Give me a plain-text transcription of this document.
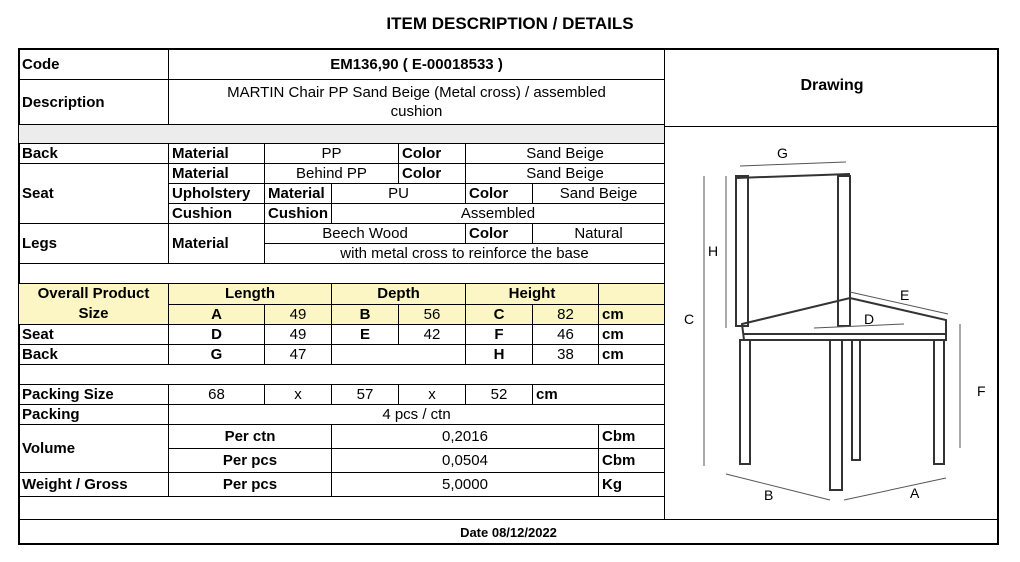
ITEM DESCRIPTION / DETAILS
Code	EM136,90 ( E-00018533 )						
Description	MARTIN Chair PP Sand Beige (Metal cross) / assembled
cushion						

Back	Material	PP		Color	Sand Beige		
Seat	Material	Behind PP		Color	Sand Beige		
	Upholstery	Material	PU		Color	Sand Beige	
	Cushion	Cushion	Assembled				
Legs	Material	Beech Wood			Color	Natural	
		with metal cross to reinforce the base					

Overall Product
Size	Length		Depth		Height		
	A	49	B	56	C	82	cm
Seat	D	49	E	42	F	46	cm
Back	G	47			H	38	cm

Packing Size	68	x	57	x	52	cm	
Packing	4 pcs / ctn						
Volume	Per ctn		0,2016				Cbm
	Per pcs		0,0504				Cbm
Weight / Gross	Per pcs		5,0000				Kg
Drawing
G
H
C
E
D
F
B	A
Date 08/12/2022
